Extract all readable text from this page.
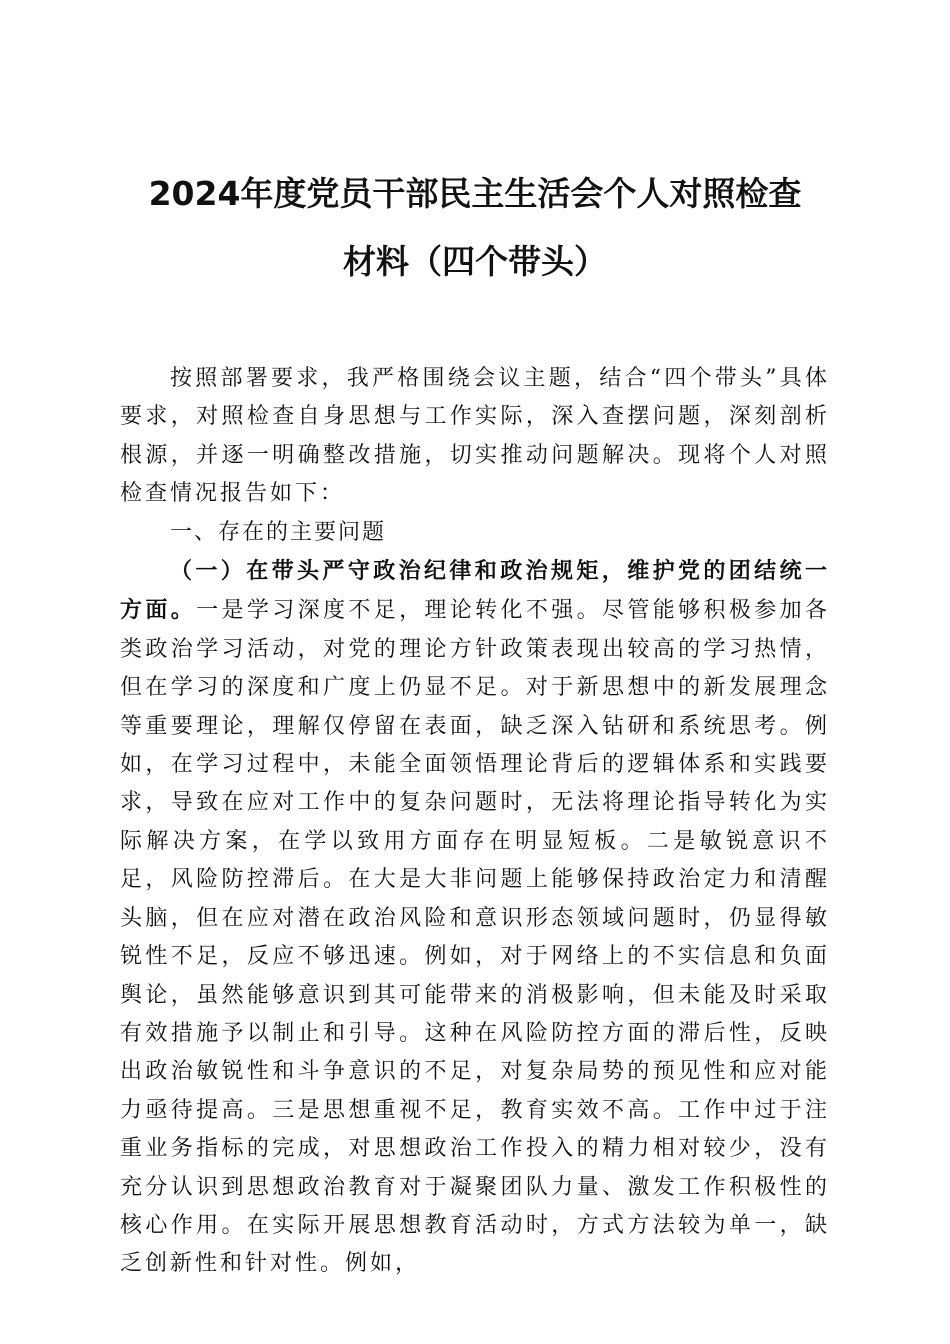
2024年度党员干部民主生活会个人对照检查
材料（四个带头）

按照部署要求，我严格围绕会议主题，结合“四个带头”具体要求，对照检查自身思想与工作实际，深入查摆问题，深刻剖析根源，并逐一明确整改措施，切实推动问题解决。现将个人对照检查情况报告如下：

一、存在的主要问题

（一）在带头严守政治纪律和政治规矩，维护党的团结统一方面。一是学习深度不足，理论转化不强。尽管能够积极参加各类政治学习活动，对党的理论方针政策表现出较高的学习热情，但在学习的深度和广度上仍显不足。对于新思想中的新发展理念等重要理论，理解仅停留在表面，缺乏深入钻研和系统思考。例如，在学习过程中，未能全面领悟理论背后的逻辑体系和实践要求，导致在应对工作中的复杂问题时，无法将理论指导转化为实际解决方案，在学以致用方面存在明显短板。二是敏锐意识不足，风险防控滞后。在大是大非问题上能够保持政治定力和清醒头脑，但在应对潜在政治风险和意识形态领域问题时，仍显得敏锐性不足，反应不够迅速。例如，对于网络上的不实信息和负面舆论，虽然能够意识到其可能带来的消极影响，但未能及时采取有效措施予以制止和引导。这种在风险防控方面的滞后性，反映出政治敏锐性和斗争意识的不足，对复杂局势的预见性和应对能力亟待提高。三是思想重视不足，教育实效不高。工作中过于注重业务指标的完成，对思想政治工作投入的精力相对较少，没有充分认识到思想政治教育对于凝聚团队力量、激发工作积极性的核心作用。在实际开展思想教育活动时，方式方法较为单一，缺乏创新性和针对性。例如，
